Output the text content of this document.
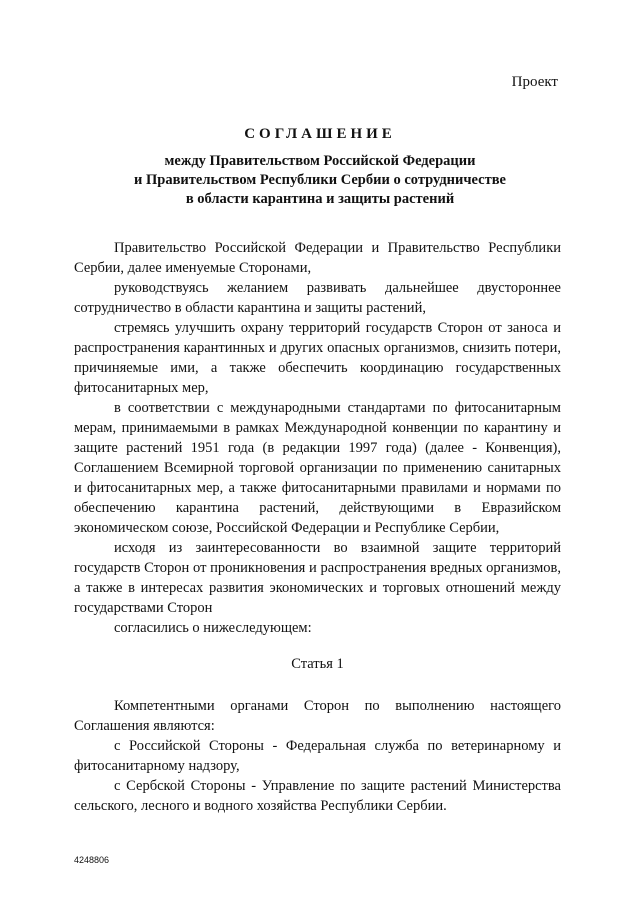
Проект
СОГЛАШЕНИЕ
между Правительством Российской Федерации
и Правительством Республики Сербии о сотрудничестве
в области карантина и защиты растений

Правительство Российской Федерации и Правительство Республики Сербии, далее именуемые Сторонами,

руководствуясь желанием развивать дальнейшее двустороннее сотрудничество в области карантина и защиты растений,

стремясь улучшить охрану территорий государств Сторон от заноса и распространения карантинных и других опасных организмов, снизить потери, причиняемые ими, а также обеспечить координацию государственных фитосанитарных мер,

в соответствии с международными стандартами по фитосанитарным мерам, принимаемыми в рамках Международной конвенции по карантину и защите растений 1951 года (в редакции 1997 года) (далее - Конвенция), Соглашением Всемирной торговой организации по применению санитарных и фитосанитарных мер, а также фитосанитарными правилами и нормами по обеспечению карантина растений, действующими в Евразийском экономическом союзе, Российской Федерации и Республике Сербии,

исходя из заинтересованности во взаимной защите территорий государств Сторон от проникновения и распространения вредных организмов, а также в интересах развития экономических и торговых отношений между государствами Сторон

согласились о нижеследующем:

Статья 1

Компетентными органами Сторон по выполнению настоящего Соглашения являются:

с Российской Стороны - Федеральная служба по ветеринарному и фитосанитарному надзору,

с Сербской Стороны - Управление по защите растений Министерства сельского, лесного и водного хозяйства Республики Сербии.

4248806
